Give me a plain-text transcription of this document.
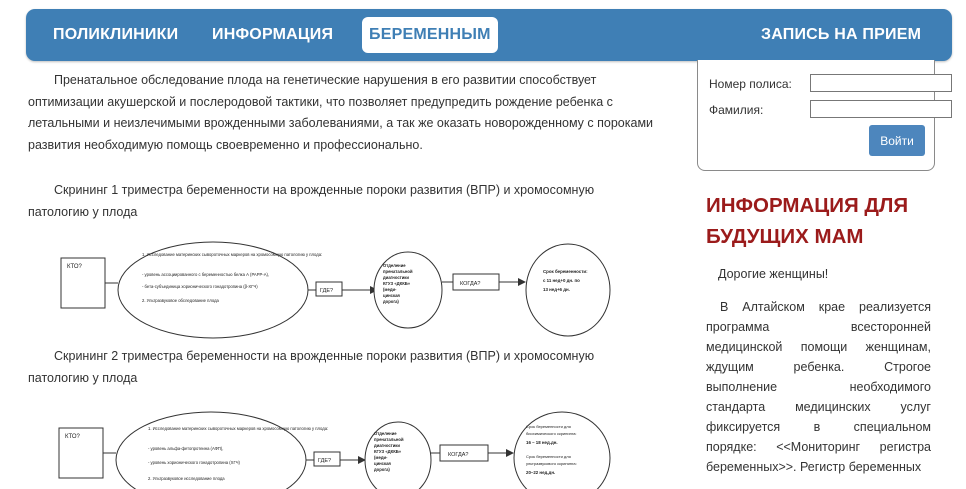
ПОЛИКЛИНИКИ ИНФОРМАЦИЯ	БЕРЕМЕННЫМ	ЗАПИСЬ НА ПРИЕМ

Пренатальное обследование плода на генетические нарушения в его развитии способствует оптимизации акушерской и послеродовой тактики, что позволяет предупредить рождение ребенка с летальными и неизлечимыми врожденными заболеваниями, а так же оказать новорожденному с пороками развития необходимую помощь своевременно и профессионально.

Скрининг 1 триместра беременности на врожденные пороки развития (ВПР) и хромосомную патологию у плода

КТО?
1. Исследование материнских сывороточных маркеров на хромосомную патологию у плода:
- уровень ассоциированного с беременностью белка А (PAPP-A),
- бета-субъединица хорионического гонадотропина (β-ХГЧ)
2. Ультразвуковое обследование плода
ГДЕ?
Отделение
пренатальной
диагностики
КГУЗ «ДККБ»
(меди-
цинская
дорога)
КОГДА?
Срок беременности:
с 11 нед+0 дн. по
13 нед+6 дн.

Скрининг 2 триместра беременности на врожденные пороки развития (ВПР) и хромосомную патологию у плода

КТО?
1. Исследование материнских сывороточных маркеров на хромосомную патологию у плода:
- уровень альфа-фетопротеина (АФП),
- уровень хорионического гонадотропина (ХГЧ)
2. Ультразвуковое исследование плода
ГДЕ?
Отделение
пренатальной
диагностики
КГУЗ «ДККБ»
(меди-
цинская
дорога)
КОГДА?
Срок беременности для
биохимического скрининга:
16 – 18 нед.дн.
Срок беременности для
ультразвукового скрининга:
20–22 нед.дн.
Номер полиса:
Фамилия:
Войти
ИНФОРМАЦИЯ ДЛЯ БУДУЩИХ МАМ

Дорогие женщины!

В Алтайском крае реализуется

программа всесторонней

медицинской помощи женщинам,

ждущим ребенка. Строгое

выполнение необходимого

стандарта медицинских услуг

фиксируется в специальном

порядке: <<Мониторинг регистра

беременных>>. Регистр беременных
